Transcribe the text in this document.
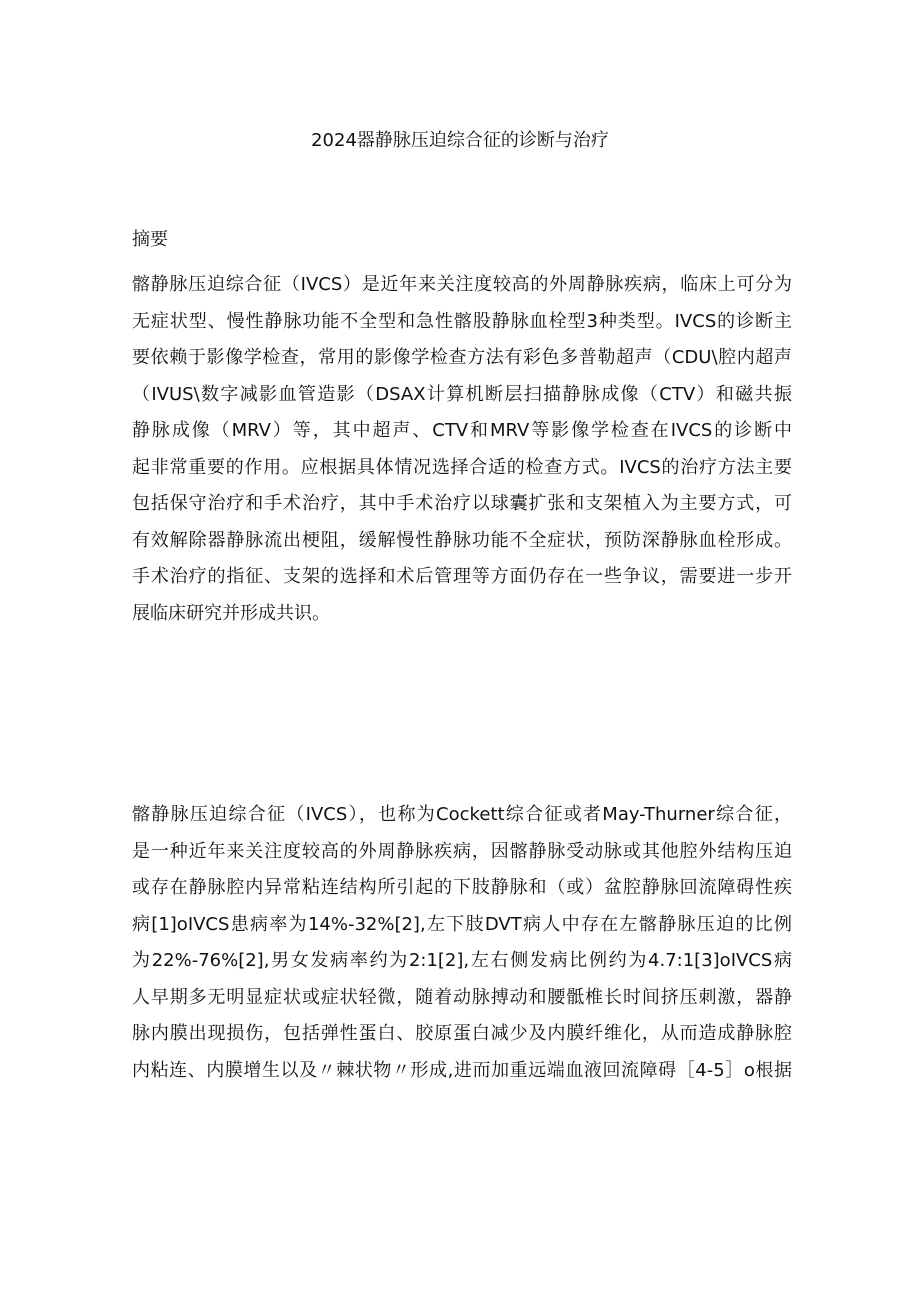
2024器静脉压迫综合征的诊断与治疗
摘要

髂静脉压迫综合征（IVCS）是近年来关注度较高的外周静脉疾病，临床上可分为
无症状型、慢性静脉功能不全型和急性髂股静脉血栓型3种类型。IVCS的诊断主
要依赖于影像学检查，常用的影像学检查方法有彩色多普勒超声（CDU\腔内超声
（IVUS\数字减影血管造影（DSAX计算机断层扫描静脉成像（CTV）和磁共振
静脉成像（MRV）等，其中超声、CTV和MRV等影像学检查在IVCS的诊断中
起非常重要的作用。应根据具体情况选择合适的检查方式。IVCS的治疗方法主要
包括保守治疗和手术治疗，其中手术治疗以球囊扩张和支架植入为主要方式，可
有效解除器静脉流出梗阻，缓解慢性静脉功能不全症状，预防深静脉血栓形成。
手术治疗的指征、支架的选择和术后管理等方面仍存在一些争议，需要进一步开
展临床研究并形成共识。

髂静脉压迫综合征（IVCS），也称为Cockett综合征或者May-Thurner综合征，
是一种近年来关注度较高的外周静脉疾病，因髂静脉受动脉或其他腔外结构压迫
或存在静脉腔内异常粘连结构所引起的下肢静脉和（或）盆腔静脉回流障碍性疾
病[1]oIVCS患病率为14%-32%[2],左下肢DVT病人中存在左髂静脉压迫的比例
为22%-76%[2],男女发病率约为2:1[2],左右侧发病比例约为4.7:1[3]oIVCS病
人早期多无明显症状或症状轻微，随着动脉搏动和腰骶椎长时间挤压刺激，器静
脉内膜出现损伤，包括弹性蛋白、胶原蛋白减少及内膜纤维化，从而造成静脉腔
内粘连、内膜增生以及〃棘状物〃形成,进而加重远端血液回流障碍［4-5］o根据
